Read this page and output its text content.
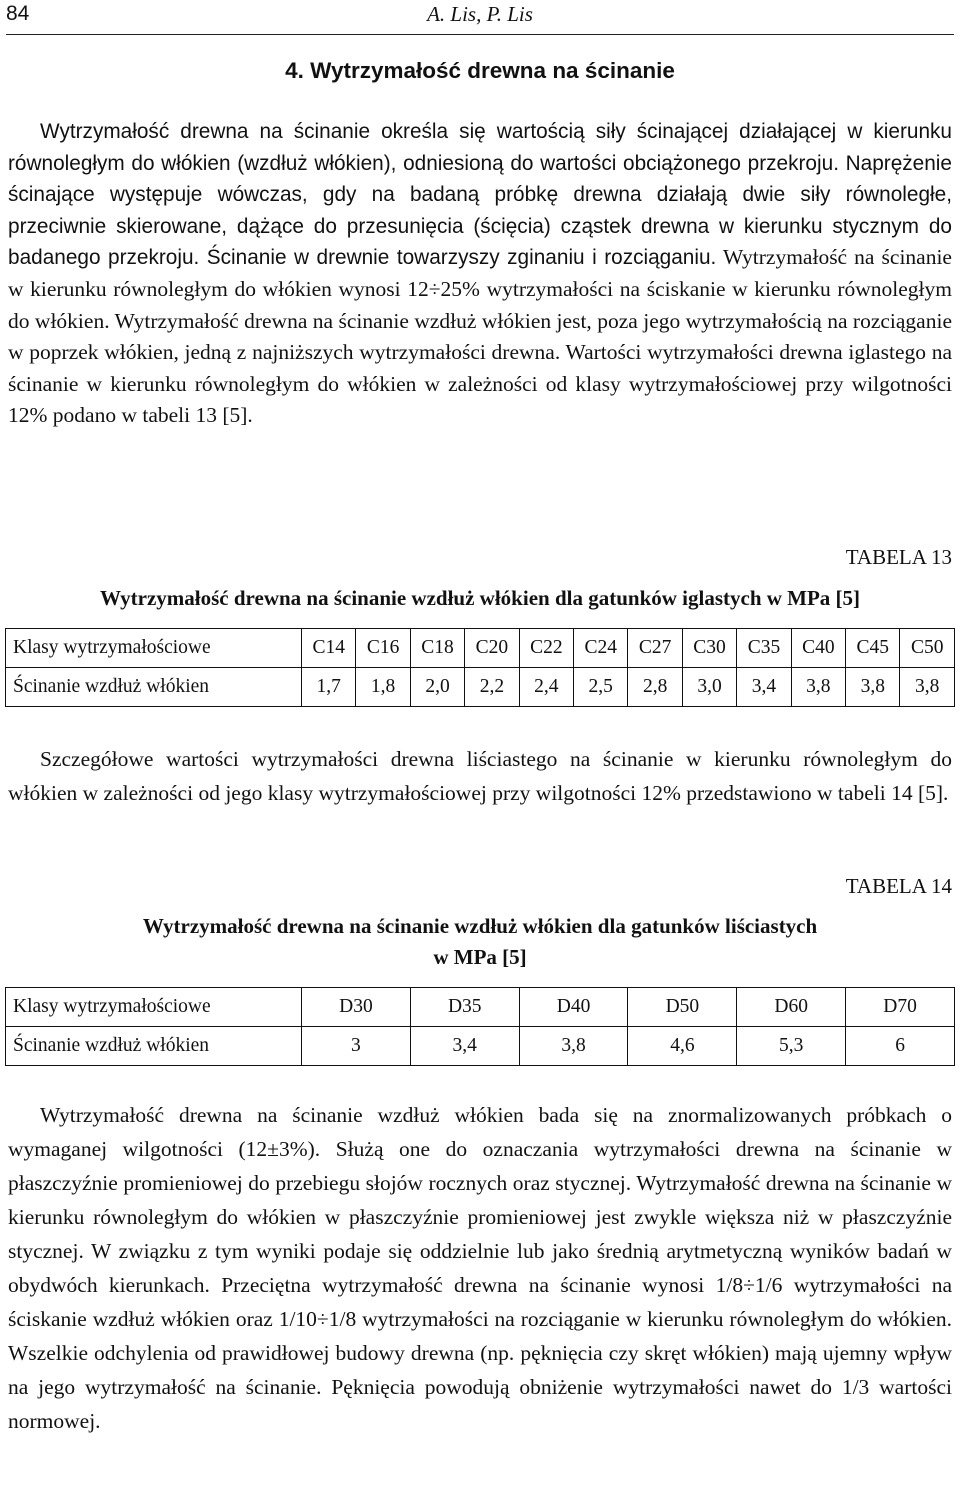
84	A. Lis, P. Lis
4. Wytrzymałość drewna na ścinanie

Wytrzymałość drewna na ścinanie określa się wartością siły ścinającej działającej w kierunku równoległym do włókien (wzdłuż włókien), odniesioną do wartości obciążonego przekroju. Naprężenie ścinające występuje wówczas, gdy na badaną próbkę drewna działają dwie siły równoległe, przeciwnie skierowane, dążące do przesunięcia (ścięcia) cząstek drewna w kierunku stycznym do badanego przekroju. Ścinanie w drewnie towarzyszy zginaniu i rozciąganiu. Wytrzymałość na ścinanie w kierunku równoległym do włókien wynosi 12÷25% wytrzymałości na ściskanie w kierunku równoległym do włókien. Wytrzymałość drewna na ścinanie wzdłuż włókien jest, poza jego wytrzymałością na rozciąganie w poprzek włókien, jedną z najniższych wytrzymałości drewna. Wartości wytrzymałości drewna iglastego na ścinanie w kierunku równoległym do włókien w zależności od klasy wytrzymałościowej przy wilgotności 12% podano w tabeli 13 [5].

TABELA 13
Wytrzymałość drewna na ścinanie wzdłuż włókien dla gatunków iglastych w MPa [5]
Klasy wytrzymałościowe	C14	C16	C18	C20	C22	C24	C27	C30	C35	C40	C45	C50
Ścinanie wzdłuż włókien	1,7	1,8	2,0	2,2	2,4	2,5	2,8	3,0	3,4	3,8	3,8	3,8

Szczegółowe wartości wytrzymałości drewna liściastego na ścinanie w kierunku równoległym do włókien w zależności od jego klasy wytrzymałościowej przy wilgotności 12% przedstawiono w tabeli 14 [5].

TABELA 14
Wytrzymałość drewna na ścinanie wzdłuż włókien dla gatunków liściastych
w MPa [5]
Klasy wytrzymałościowe	D30	D35	D40	D50	D60	D70
Ścinanie wzdłuż włókien	3	3,4	3,8	4,6	5,3	6

Wytrzymałość drewna na ścinanie wzdłuż włókien bada się na znormalizowanych próbkach o wymaganej wilgotności (12±3%). Służą one do oznaczania wytrzymałości drewna na ścinanie w płaszczyźnie promieniowej do przebiegu słojów rocznych oraz stycznej. Wytrzymałość drewna na ścinanie w kierunku równoległym do włókien w płaszczyźnie promieniowej jest zwykle większa niż w płaszczyźnie stycznej. W związku z tym wyniki podaje się oddzielnie lub jako średnią arytmetyczną wyników badań w obydwóch kierunkach. Przeciętna wytrzymałość drewna na ścinanie wynosi 1/8÷1/6 wytrzymałości na ściskanie wzdłuż włókien oraz 1/10÷1/8 wytrzymałości na rozciąganie w kierunku równoległym do włókien. Wszelkie odchylenia od prawidłowej budowy drewna (np. pęknięcia czy skręt włókien) mają ujemny wpływ na jego wytrzymałość na ścinanie. Pęknięcia powodują obniżenie wytrzymałości nawet do 1/3 wartości normowej.
